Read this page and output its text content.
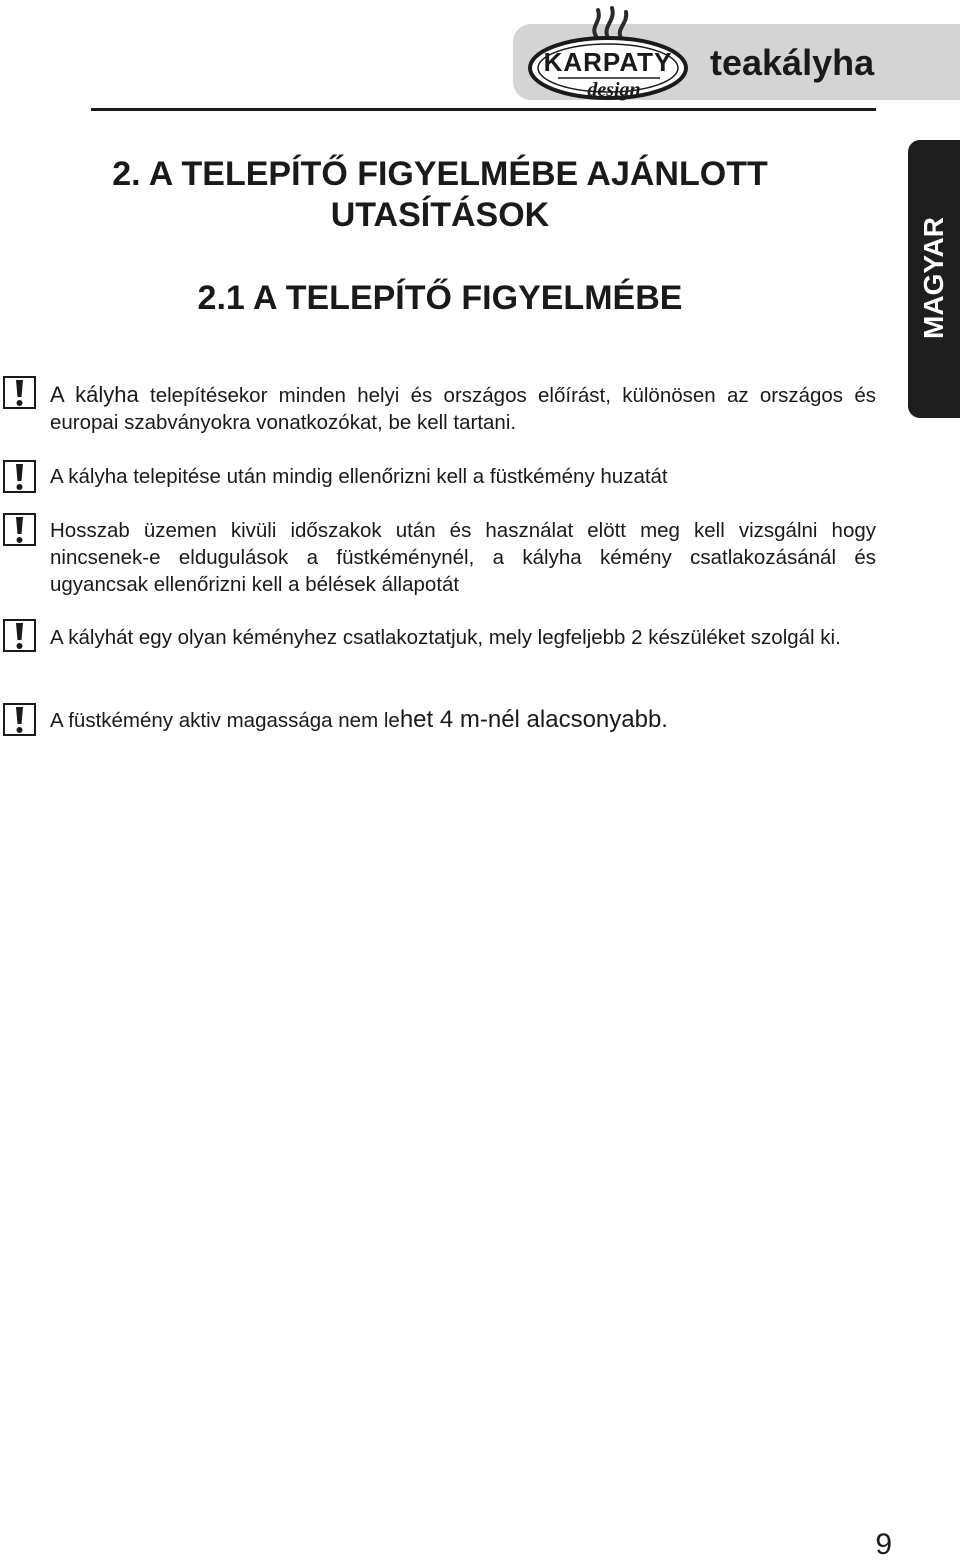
KARPATY
design
teakályha
MAGYAR
2. A TELEPÍTŐ FIGYELMÉBE AJÁNLOTT
UTASÍTÁSOK
2.1 A TELEPÍTŐ FIGYELMÉBE

A kályha telepítésekor minden helyi és országos előírást, különösen az országos és europai szabványokra vonatkozókat, be kell tartani.

A kályha telepitése után mindig ellenőrizni kell a füstkémény huzatát

Hosszab üzemen kivüli időszakok után és használat elött meg kell vizsgálni hogy nincsenek-e eldugulások a füstkéménynél, a kályha kémény csatlakozásánál és ugyancsak ellenőrizni kell a bélések állapotát

A kályhát egy olyan kéményhez csatlakoztatjuk, mely legfeljebb 2 készüléket szolgál ki.

A füstkémény aktiv magassága nem lehet 4 m-nél alacsonyabb.

9
